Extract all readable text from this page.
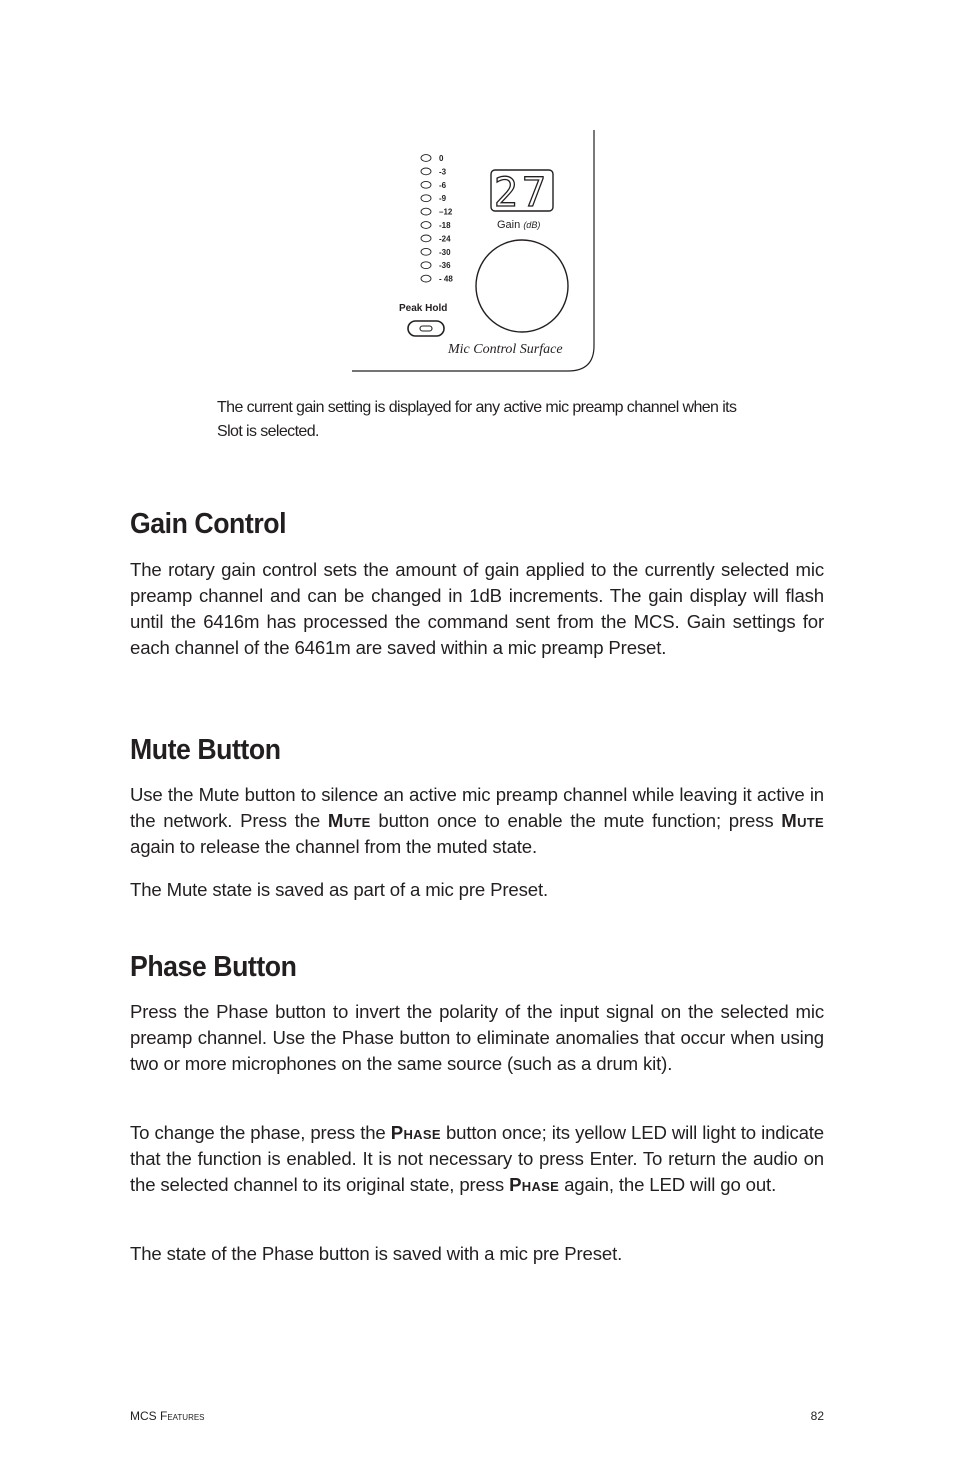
0
-3
-6
-9
–12
-18
-24
-30
-36
- 48
27
Gain (dB)
Peak Hold
Mic Control Surface
The current gain setting is displayed for any active mic preamp channel when its Slot is selected.
Gain Control

The rotary gain control sets the amount of gain applied to the currently selected mic preamp channel and can be changed in 1dB increments. The gain display will flash until the 6416m has processed the command sent from the MCS. Gain settings for each channel of the 6461m are saved within a mic preamp Preset.

Mute Button

Use the Mute button to silence an active mic preamp channel while leaving it active in the network. Press the Mute button once to enable the mute function; press Mute again to release the channel from the muted state.

The Mute state is saved as part of a mic pre Preset.

Phase Button

Press the Phase button to invert the polarity of the input signal on the selected mic preamp channel. Use the Phase button to eliminate anomalies that occur when using two or more microphones on the same source (such as a drum kit).

To change the phase, press the Phase button once; its yellow LED will light to indicate that the function is enabled. It is not necessary to press Enter. To return the audio on the selected channel to its original state, press Phase again, the LED will go out.

The state of the Phase button is saved with a mic pre Preset.

MCS Features	82
